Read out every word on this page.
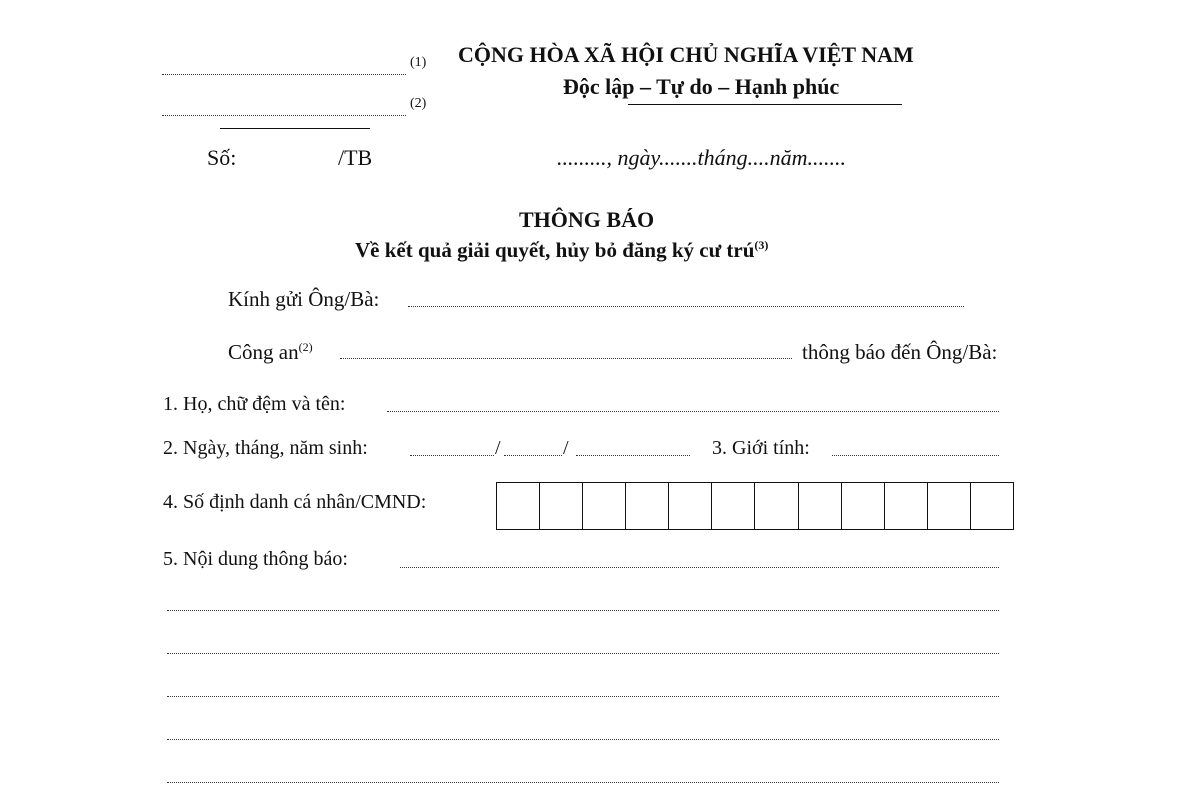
(1)
(2)
Số:	/TB
CỘNG HÒA XÃ HỘI CHỦ NGHĨA VIỆT NAM
Độc lập – Tự do – Hạnh phúc
........., ngày.......tháng....năm.......
THÔNG BÁO
Về kết quả giải quyết, hủy bỏ đăng ký cư trú$^{(3)}$
Kính gửi Ông/Bà:
Công an$^{(2)}$	thông báo đến Ông/Bà:
1. Họ, chữ đệm và tên:
2. Ngày, tháng, năm sinh:	/	/	3. Giới tính:
4. Số định danh cá nhân/CMND:
5. Nội dung thông báo:
